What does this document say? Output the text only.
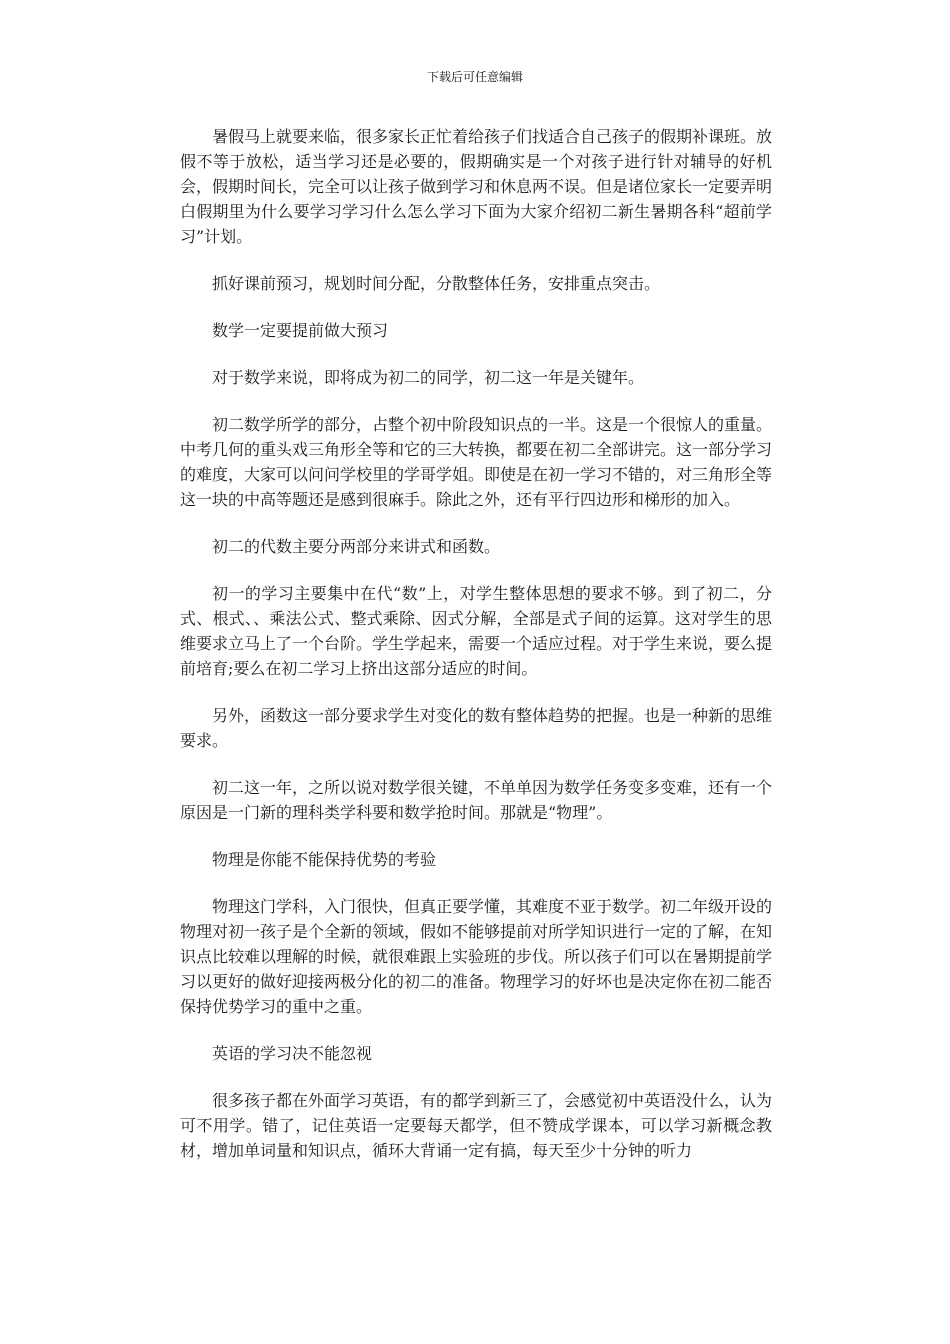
下载后可任意编辑

暑假马上就要来临，很多家长正忙着给孩子们找适合自己孩子的假期补课班。放假不等于放松，适当学习还是必要的，假期确实是一个对孩子进行针对辅导的好机会，假期时间长，完全可以让孩子做到学习和休息两不误。但是诸位家长一定要弄明白假期里为什么要学习学习什么怎么学习下面为大家介绍初二新生暑期各科“超前学习”计划。

抓好课前预习，规划时间分配，分散整体任务，安排重点突击。

数学一定要提前做大预习

对于数学来说，即将成为初二的同学，初二这一年是关键年。

初二数学所学的部分，占整个初中阶段知识点的一半。这是一个很惊人的重量。中考几何的重头戏三角形全等和它的三大转换，都要在初二全部讲完。这一部分学习的难度，大家可以问问学校里的学哥学姐。即使是在初一学习不错的，对三角形全等这一块的中高等题还是感到很麻手。除此之外，还有平行四边形和梯形的加入。

初二的代数主要分两部分来讲式和函数。

初一的学习主要集中在代“数”上，对学生整体思想的要求不够。到了初二，分式、根式、、乘法公式、整式乘除、因式分解，全部是式子间的运算。这对学生的思维要求立马上了一个台阶。学生学起来，需要一个适应过程。对于学生来说，要么提前培育;要么在初二学习上挤出这部分适应的时间。

另外，函数这一部分要求学生对变化的数有整体趋势的把握。也是一种新的思维要求。

初二这一年，之所以说对数学很关键，不单单因为数学任务变多变难，还有一个原因是一门新的理科类学科要和数学抢时间。那就是“物理”。

物理是你能不能保持优势的考验

物理这门学科，入门很快，但真正要学懂，其难度不亚于数学。初二年级开设的物理对初一孩子是个全新的领域，假如不能够提前对所学知识进行一定的了解，在知识点比较难以理解的时候，就很难跟上实验班的步伐。所以孩子们可以在暑期提前学习以更好的做好迎接两极分化的初二的准备。物理学习的好坏也是决定你在初二能否保持优势学习的重中之重。

英语的学习决不能忽视

很多孩子都在外面学习英语，有的都学到新三了，会感觉初中英语没什么，认为可不用学。错了，记住英语一定要每天都学，但不赞成学课本，可以学习新概念教材，增加单词量和知识点，循环大背诵一定有搞，每天至少十分钟的听力
